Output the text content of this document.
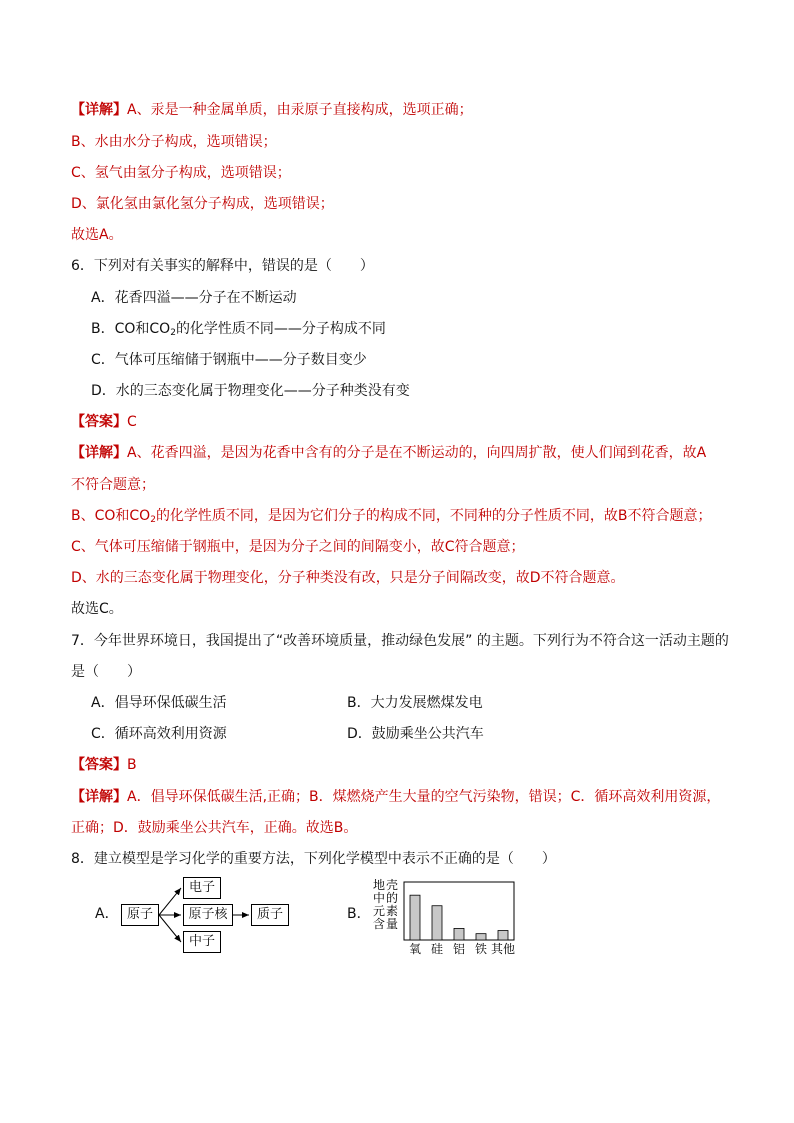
【详解】A、汞是一种金属单质，由汞原子直接构成，选项正确；
B、水由水分子构成，选项错误；
C、氢气由氢分子构成，选项错误；
D、氯化氢由氯化氢分子构成，选项错误；
故选A。
6．下列对有关事实的解释中，错误的是（　　）
A．花香四溢——分子在不断运动
B．CO和$CO_2$的化学性质不同——分子构成不同
C．气体可压缩储于钢瓶中——分子数目变少
D．水的三态变化属于物理变化——分子种类没有变
【答案】C
【详解】A、花香四溢，是因为花香中含有的分子是在不断运动的，向四周扩散，使人们闻到花香，故A
不符合题意；
B、CO和$CO_2$的化学性质不同，是因为它们分子的构成不同，不同种的分子性质不同，故B不符合题意；
C、气体可压缩储于钢瓶中，是因为分子之间的间隔变小，故C符合题意；
D、水的三态变化属于物理变化，分子种类没有改，只是分子间隔改变，故D不符合题意。
故选C。
7．今年世界环境日，我国提出了“改善环境质量，推动绿色发展” 的主题。下列行为不符合这一活动主题的
是（　　）
A．倡导环保低碳生活	B．大力发展燃煤发电
C．循环高效利用资源	D．鼓励乘坐公共汽车
【答案】B
【详解】A．倡导环保低碳生活,正确；B．煤燃烧产生大量的空气污染物，错误；C．循环高效利用资源，
正确；D．鼓励乘坐公共汽车，正确。故选B。
8．建立模型是学习化学的重要方法，下列化学模型中表示不正确的是（　　）
A． 原子
电子
原子核
中子
质子	B．
地 壳
中 的
元 素
含 量
氧 硅 铝 铁 其他
